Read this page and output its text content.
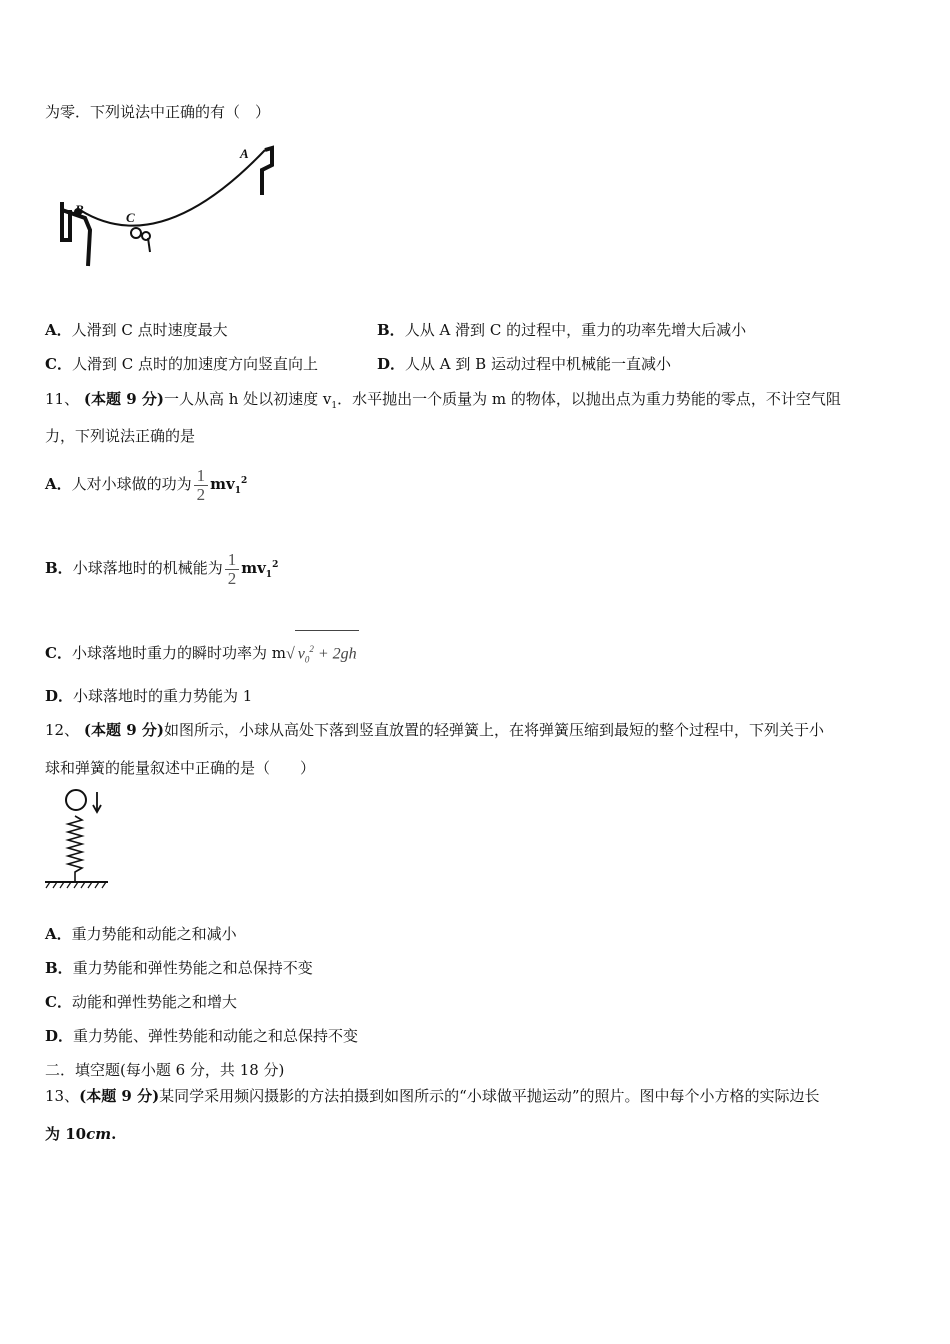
为零．下列说法中正确的有（　）
A
B
C
A．人滑到 C 点时速度最大	B．人从 A 滑到 C 的过程中，重力的功率先增大后减小
C．人滑到 C 点时的加速度方向竖直向上	D．人从 A 到 B 运动过程中机械能一直减小
11、 (本题 9 分)一人从高 h 处以初速度 $v_1$．水平抛出一个质量为 m 的物体，以抛出点为重力势能的零点，不计空气阻
力，下列说法正确的是
A．人对小球做的功为 $\frac{1}{2} mv_1^2$
B．小球落地时的机械能为 $\frac{1}{2} mv_1^2$
C．小球落地时重力的瞬时功率为 m√ $v_0^2 + 2gh$
D．小球落地时的重力势能为 1
12、 (本题 9 分)如图所示，小球从高处下落到竖直放置的轻弹簧上，在将弹簧压缩到最短的整个过程中，下列关于小
球和弹簧的能量叙述中正确的是（　　）
A．重力势能和动能之和减小
B．重力势能和弹性势能之和总保持不变
C．动能和弹性势能之和增大
D．重力势能、弹性势能和动能之和总保持不变
二．填空题(每小题 6 分，共 18 分)
13、(本题 9 分)某同学采用频闪摄影的方法拍摄到如图所示的“小球做平抛运动”的照片。图中每个小方格的实际边长
为 10cm.
